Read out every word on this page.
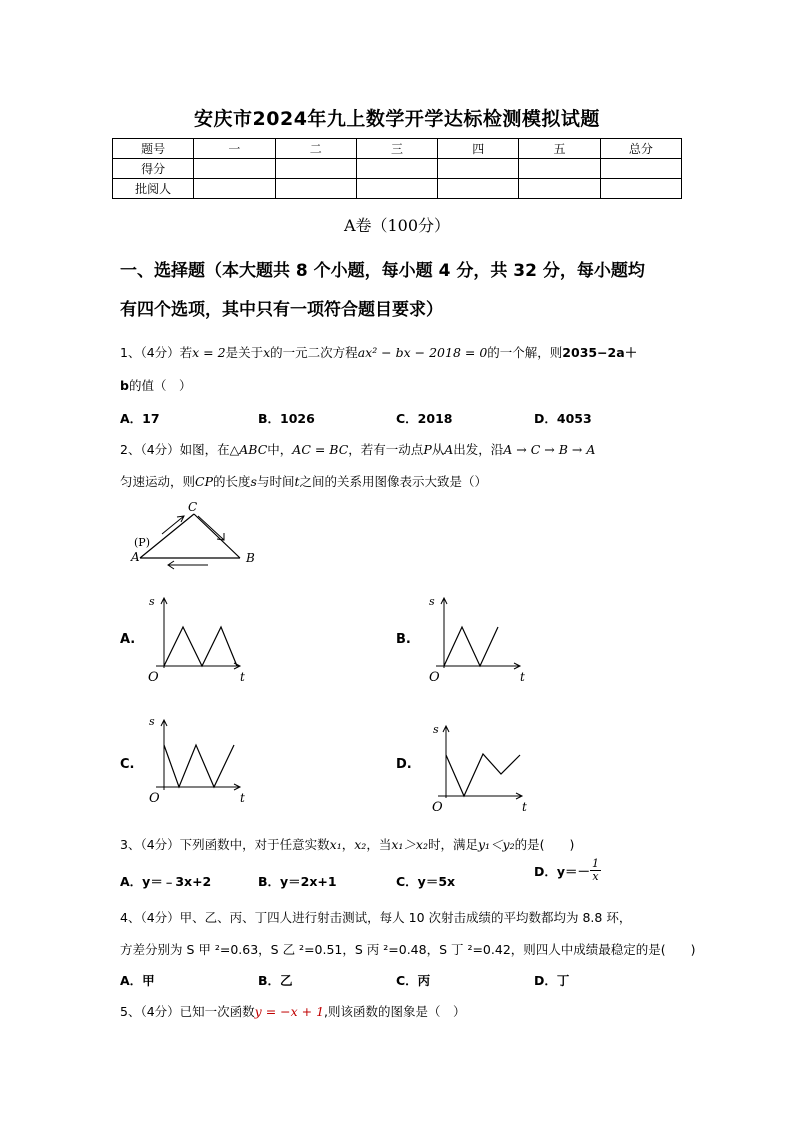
安庆市2024年九上数学开学达标检测模拟试题
题号	一	二	三	四	五	总分
得分						
批阅人						
A卷（100分）
一、选择题（本大题共 8 个小题，每小题 4 分，共 32 分，每小题均
有四个选项，其中只有一项符合题目要求）
1、（4分）若x = 2是关于x的一元二次方程ax² − bx − 2018 = 0的一个解，则2035−2a＋
b的值（　）
A．17	B．1026	C．2018	D．4053
2、（4分）如图，在△ABC中，AC = BC，若有一动点P从A出发，沿A → C → B → A
匀速运动，则CP的长度s与时间t之间的关系用图像表示大致是（）
C
(P)
A	B
A.
s
O	t
B.
s
O	t
C.
s
O	t
D.
s
O	t
3、（4分）下列函数中，对于任意实数x₁，x₂，当x₁＞x₂时，满足y₁＜y₂的是(　　)
A．y＝﹣3x+2	B．y＝2x+1	C．y＝5x
D．$y=- \frac{1}{x}$
4、（4分）甲、乙、丙、丁四人进行射击测试，每人 10 次射击成绩的平均数都均为 8.8 环，
方差分别为 S 甲 ²=0.63，S 乙 ²=0.51，S 丙 ²=0.48，S 丁 ²=0.42，则四人中成绩最稳定的是(　　)
A．甲	B．乙	C．丙	D．丁
5、（4分）已知一次函数y = −x + 1,则该函数的图象是（　）
